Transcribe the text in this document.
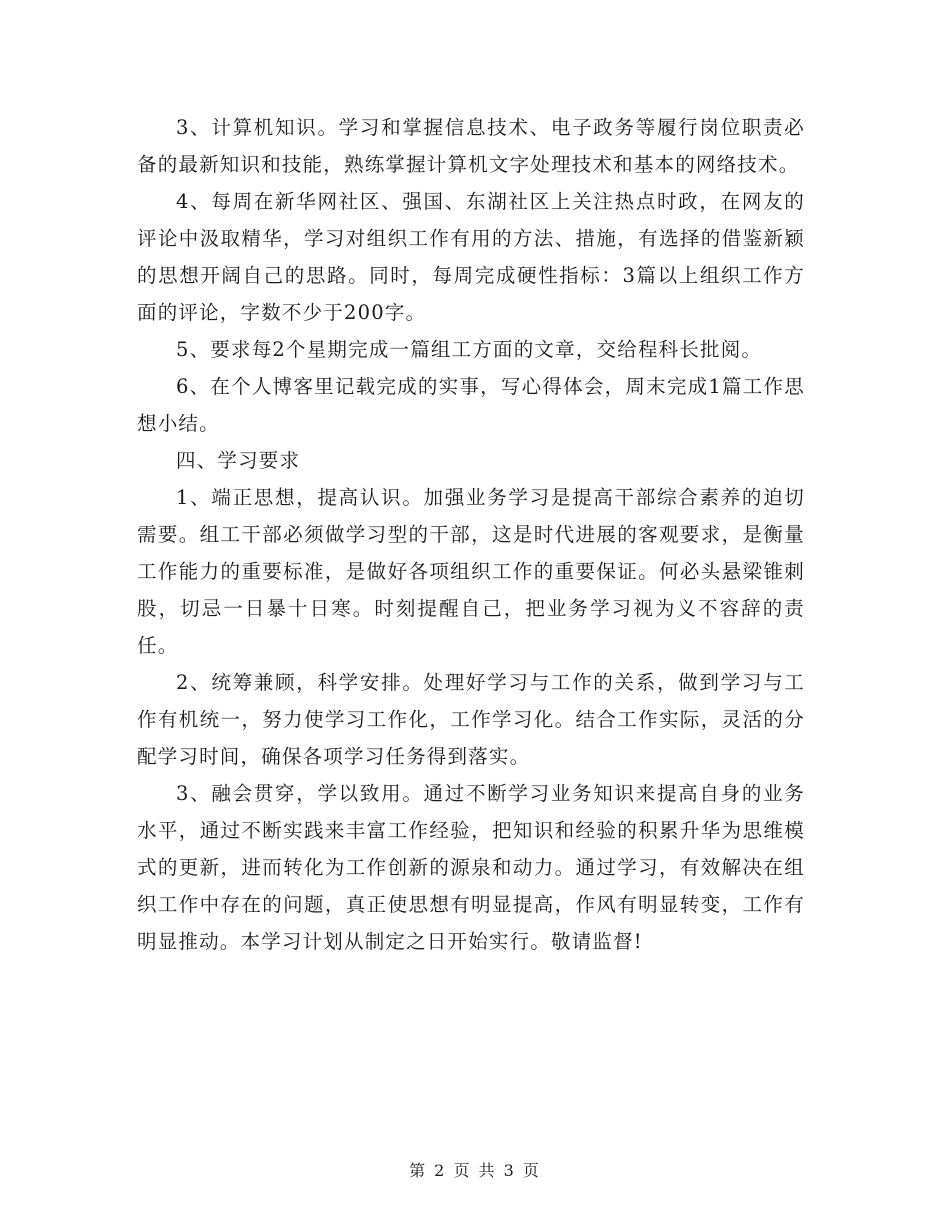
3、计算机知识。学习和掌握信息技术、电子政务等履行岗位职责必备的最新知识和技能，熟练掌握计算机文字处理技术和基本的网络技术。

4、每周在新华网社区、强国、东湖社区上关注热点时政，在网友的评论中汲取精华，学习对组织工作有用的方法、措施，有选择的借鉴新颖的思想开阔自己的思路。同时，每周完成硬性指标：3篇以上组织工作方面的评论，字数不少于200字。

5、要求每2个星期完成一篇组工方面的文章，交给程科长批阅。

6、在个人博客里记载完成的实事，写心得体会，周末完成1篇工作思想小结。

四、学习要求

1、端正思想，提高认识。加强业务学习是提高干部综合素养的迫切需要。组工干部必须做学习型的干部，这是时代进展的客观要求，是衡量工作能力的重要标准，是做好各项组织工作的重要保证。何必头悬梁锥刺股，切忌一日暴十日寒。时刻提醒自己，把业务学习视为义不容辞的责任。

2、统筹兼顾，科学安排。处理好学习与工作的关系，做到学习与工作有机统一，努力使学习工作化，工作学习化。结合工作实际，灵活的分配学习时间，确保各项学习任务得到落实。

3、融会贯穿，学以致用。通过不断学习业务知识来提高自身的业务水平，通过不断实践来丰富工作经验，把知识和经验的积累升华为思维模式的更新，进而转化为工作创新的源泉和动力。通过学习，有效解决在组织工作中存在的问题，真正使思想有明显提高，作风有明显转变，工作有明显推动。本学习计划从制定之日开始实行。敬请监督!

第 2 页 共 3 页
